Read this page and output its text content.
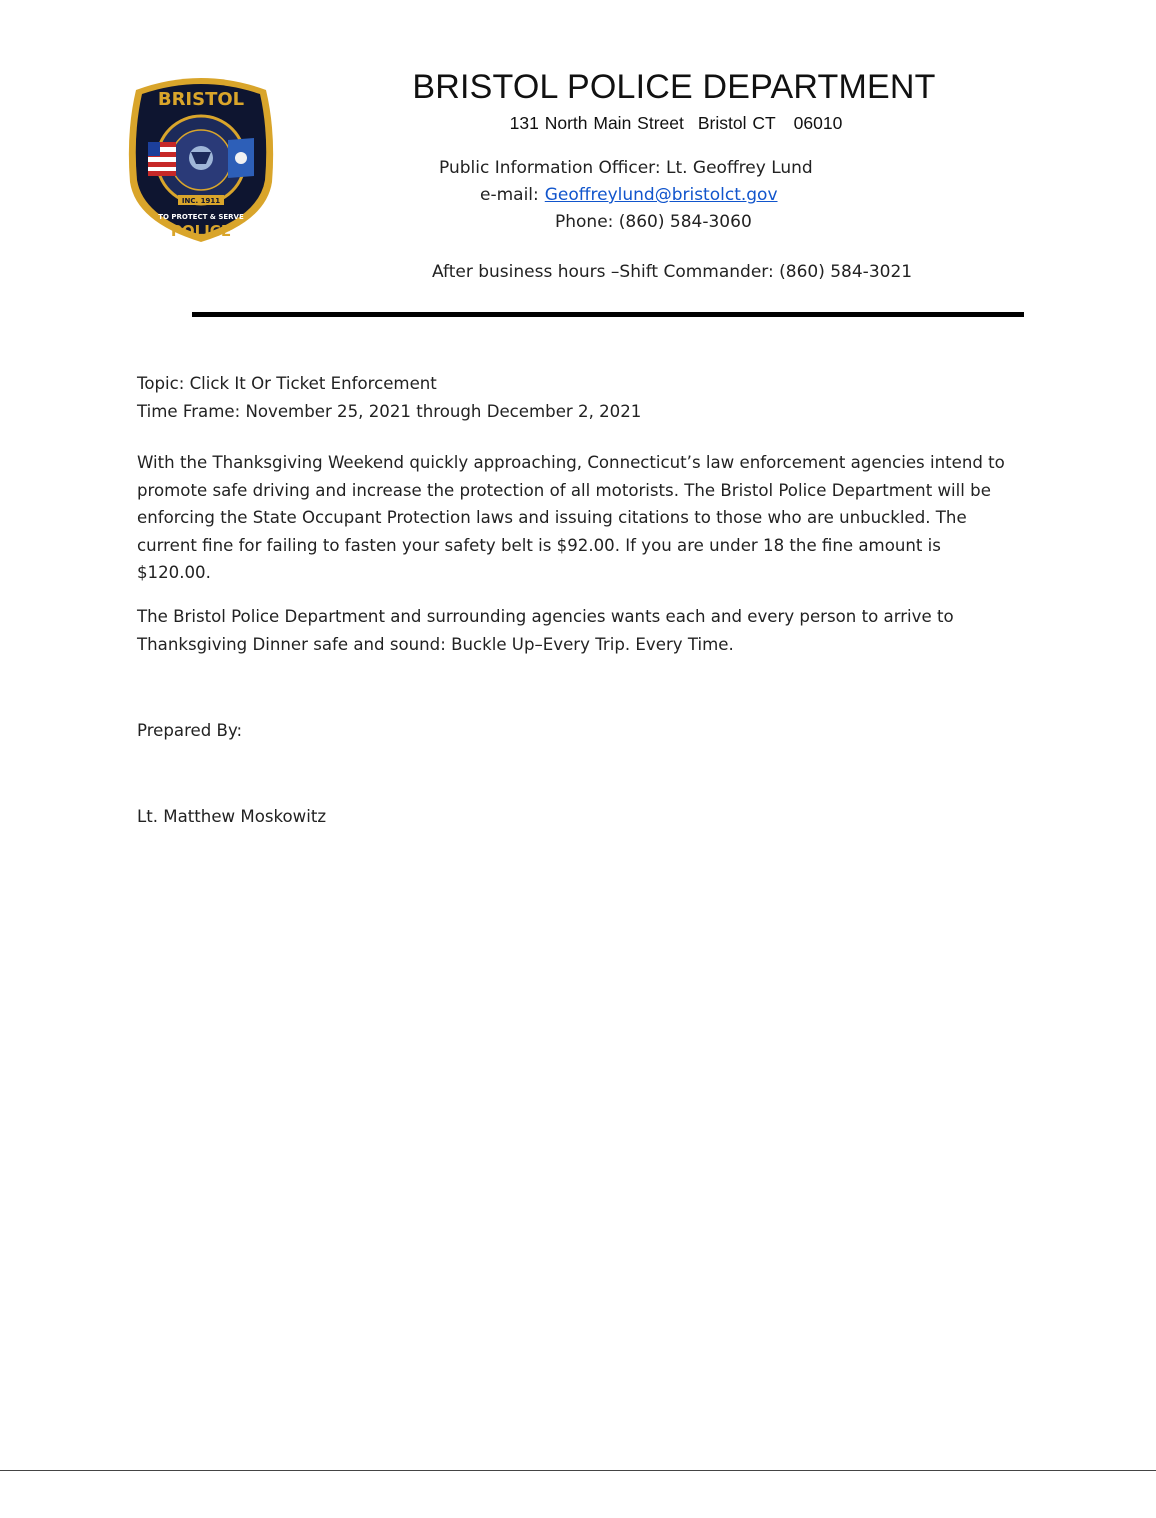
BRISTOL
INC. 1911
TO PROTECT & SERVE
POLICE
BRISTOL POLICE DEPARTMENT
131 North Main Street Bristol CT 06010
Public Information Officer: Lt. Geoffrey Lund
e-mail: Geoffreylund@bristolct.gov
Phone: (860) 584-3060
After business hours –Shift Commander: (860) 584-3021
Topic: Click It Or Ticket Enforcement
Time Frame: November 25, 2021 through December 2, 2021
With the Thanksgiving Weekend quickly approaching, Connecticut’s law enforcement agencies intend to
promote safe driving and increase the protection of all motorists. The Bristol Police Department will be
enforcing the State Occupant Protection laws and issuing citations to those who are unbuckled. The
current fine for failing to fasten your safety belt is $92.00. If you are under 18 the fine amount is
$120.00.
The Bristol Police Department and surrounding agencies wants each and every person to arrive to
Thanksgiving Dinner safe and sound: Buckle Up–Every Trip. Every Time.
Prepared By:
Lt. Matthew Moskowitz
